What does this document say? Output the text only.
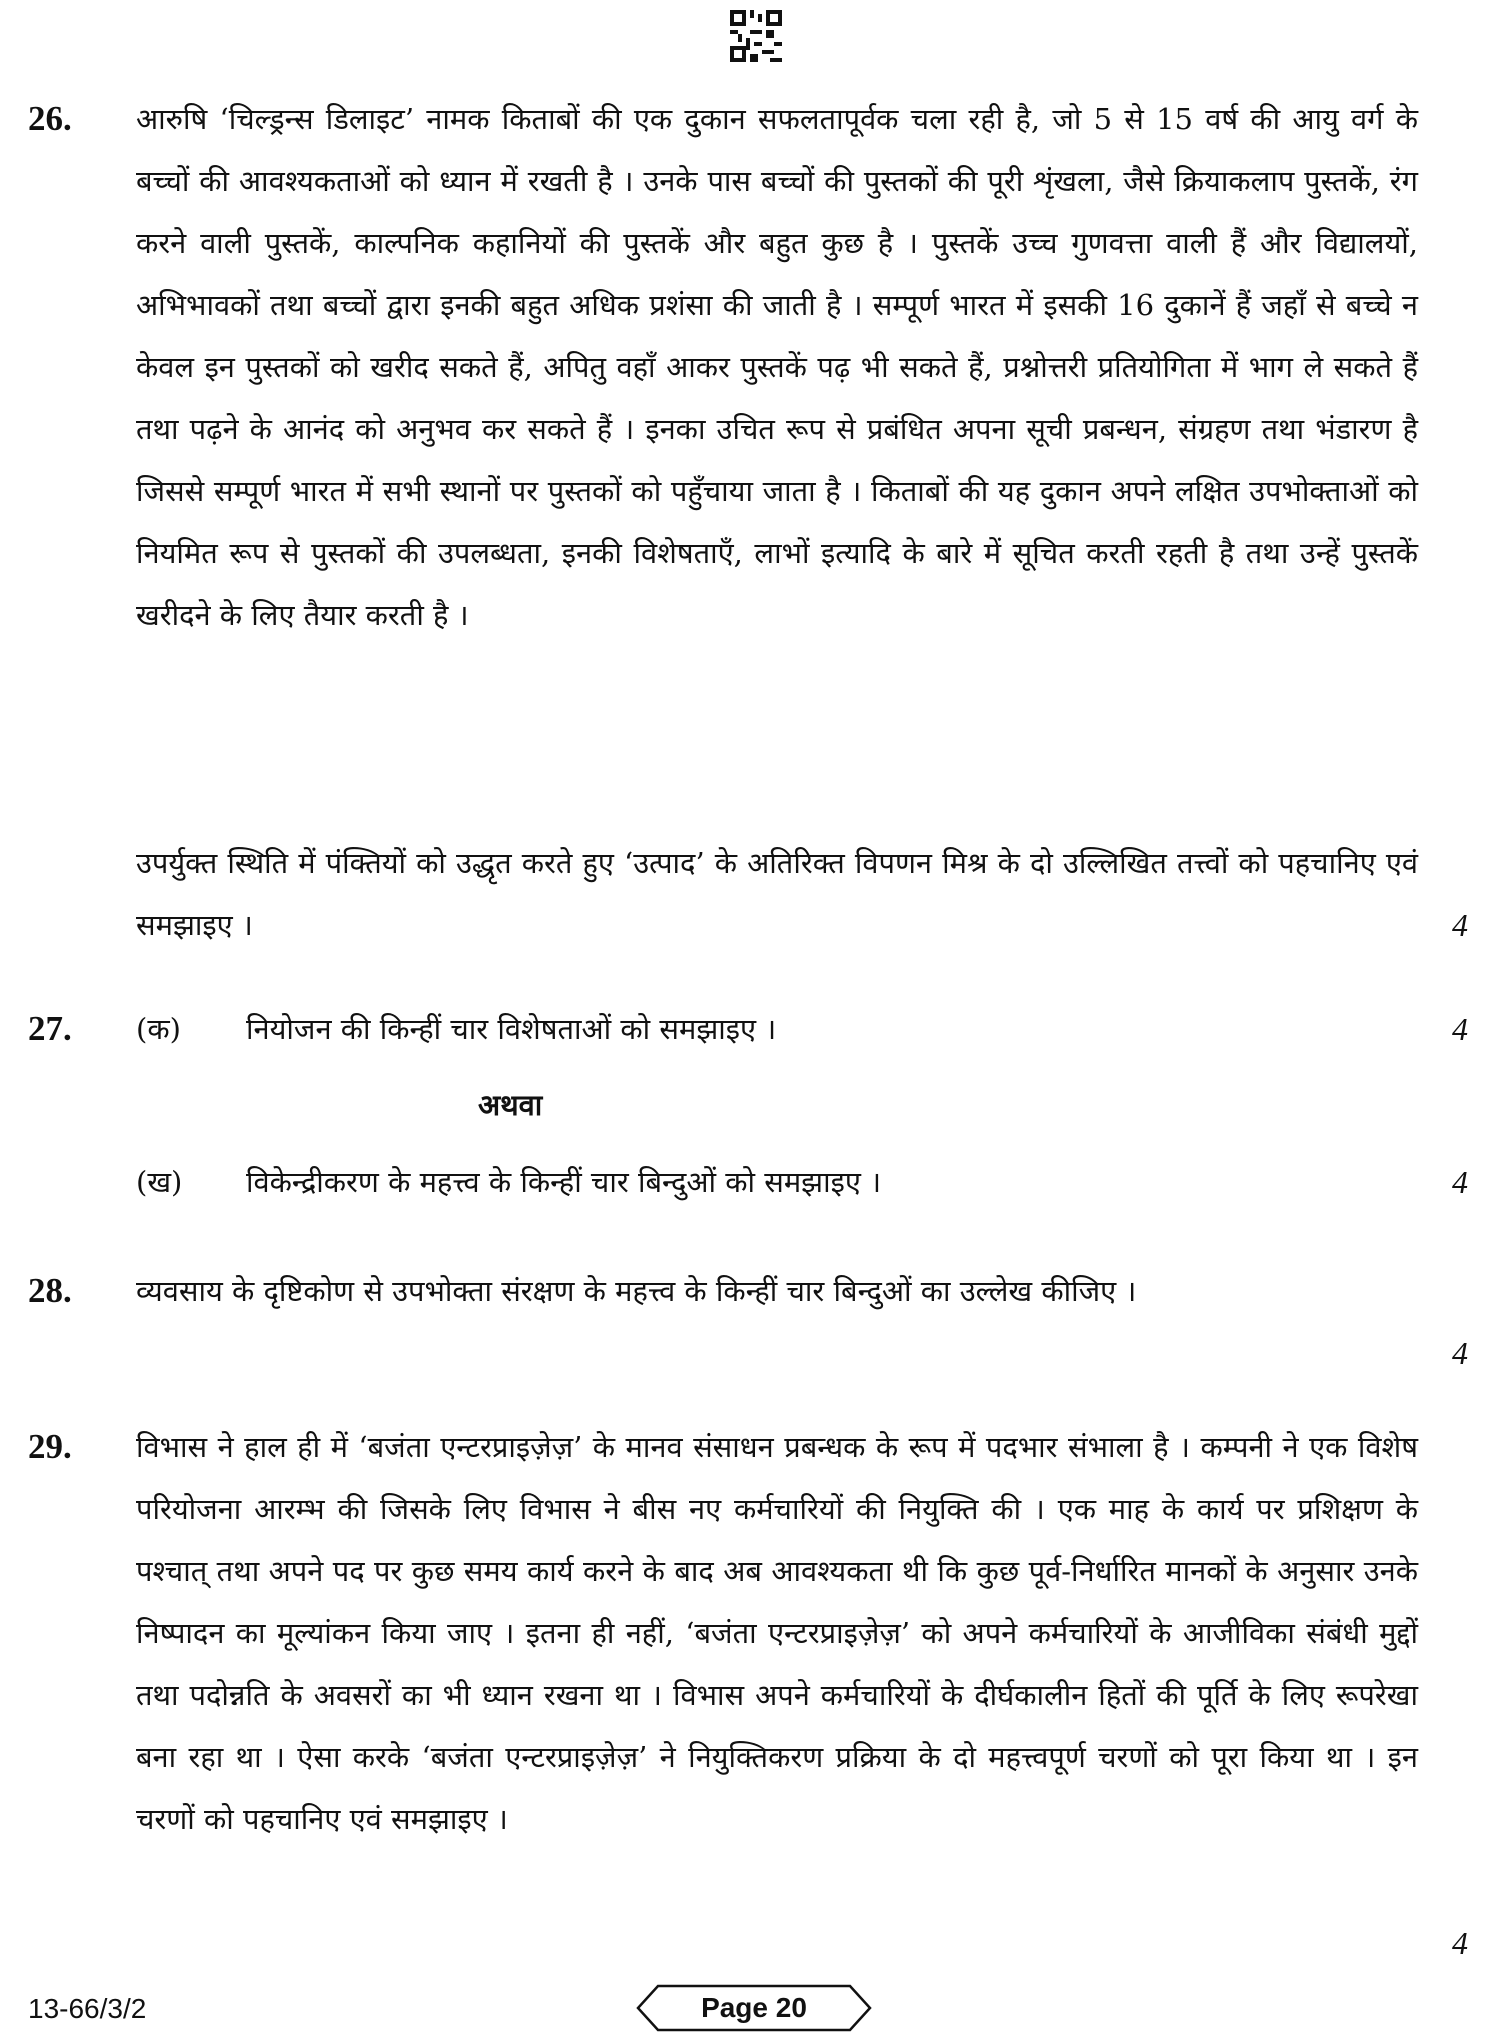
26. आरुषि ‘चिल्ड्रन्स डिलाइट’ नामक किताबों की एक दुकान सफलतापूर्वक चला रही है, जो 5 से 15 वर्ष की आयु वर्ग के बच्चों की आवश्यकताओं को ध्यान में रखती है । उनके पास बच्चों की पुस्तकों की पूरी शृंखला, जैसे क्रियाकलाप पुस्तकें, रंग करने वाली पुस्तकें, काल्पनिक कहानियों की पुस्तकें और बहुत कुछ है । पुस्तकें उच्च गुणवत्ता वाली हैं और विद्यालयों, अभिभावकों तथा बच्चों द्वारा इनकी बहुत अधिक प्रशंसा की जाती है । सम्पूर्ण भारत में इसकी 16 दुकानें हैं जहाँ से बच्चे न केवल इन पुस्तकों को खरीद सकते हैं, अपितु वहाँ आकर पुस्तकें पढ़ भी सकते हैं, प्रश्नोत्तरी प्रतियोगिता में भाग ले सकते हैं तथा पढ़ने के आनंद को अनुभव कर सकते हैं । इनका उचित रूप से प्रबंधित अपना सूची प्रबन्धन, संग्रहण तथा भंडारण है जिससे सम्पूर्ण भारत में सभी स्थानों पर पुस्तकों को पहुँचाया जाता है । किताबों की यह दुकान अपने लक्षित उपभोक्ताओं को नियमित रूप से पुस्तकों की उपलब्धता, इनकी विशेषताएँ, लाभों इत्यादि के बारे में सूचित करती रहती है तथा उन्हें पुस्तकें खरीदने के लिए तैयार करती है ।
उपर्युक्त स्थिति में पंक्तियों को उद्धृत करते हुए ‘उत्पाद’ के अतिरिक्त विपणन मिश्र के दो उल्लिखित तत्त्वों को पहचानिए एवं समझाइए ।	4
27. (क) नियोजन की किन्हीं चार विशेषताओं को समझाइए ।	4
अथवा
(ख) विकेन्द्रीकरण के महत्त्व के किन्हीं चार बिन्दुओं को समझाइए ।	4
28. व्यवसाय के दृष्टिकोण से उपभोक्ता संरक्षण के महत्त्व के किन्हीं चार बिन्दुओं का उल्लेख कीजिए ।
4
29. विभास ने हाल ही में ‘बजंता एन्टरप्राइज़ेज़’ के मानव संसाधन प्रबन्धक के रूप में पदभार संभाला है । कम्पनी ने एक विशेष परियोजना आरम्भ की जिसके लिए विभास ने बीस नए कर्मचारियों की नियुक्ति की । एक माह के कार्य पर प्रशिक्षण के पश्चात् तथा अपने पद पर कुछ समय कार्य करने के बाद अब आवश्यकता थी कि कुछ पूर्व-निर्धारित मानकों के अनुसार उनके निष्पादन का मूल्यांकन किया जाए । इतना ही नहीं, ‘बजंता एन्टरप्राइज़ेज़’ को अपने कर्मचारियों के आजीविका संबंधी मुद्दों तथा पदोन्नति के अवसरों का भी ध्यान रखना था । विभास अपने कर्मचारियों के दीर्घकालीन हितों की पूर्ति के लिए रूपरेखा बना रहा था । ऐसा करके ‘बजंता एन्टरप्राइज़ेज़’ ने नियुक्तिकरण प्रक्रिया के दो महत्त्वपूर्ण चरणों को पूरा किया था । इन चरणों को पहचानिए एवं समझाइए ।
4
13-66/3/2	Page 20
